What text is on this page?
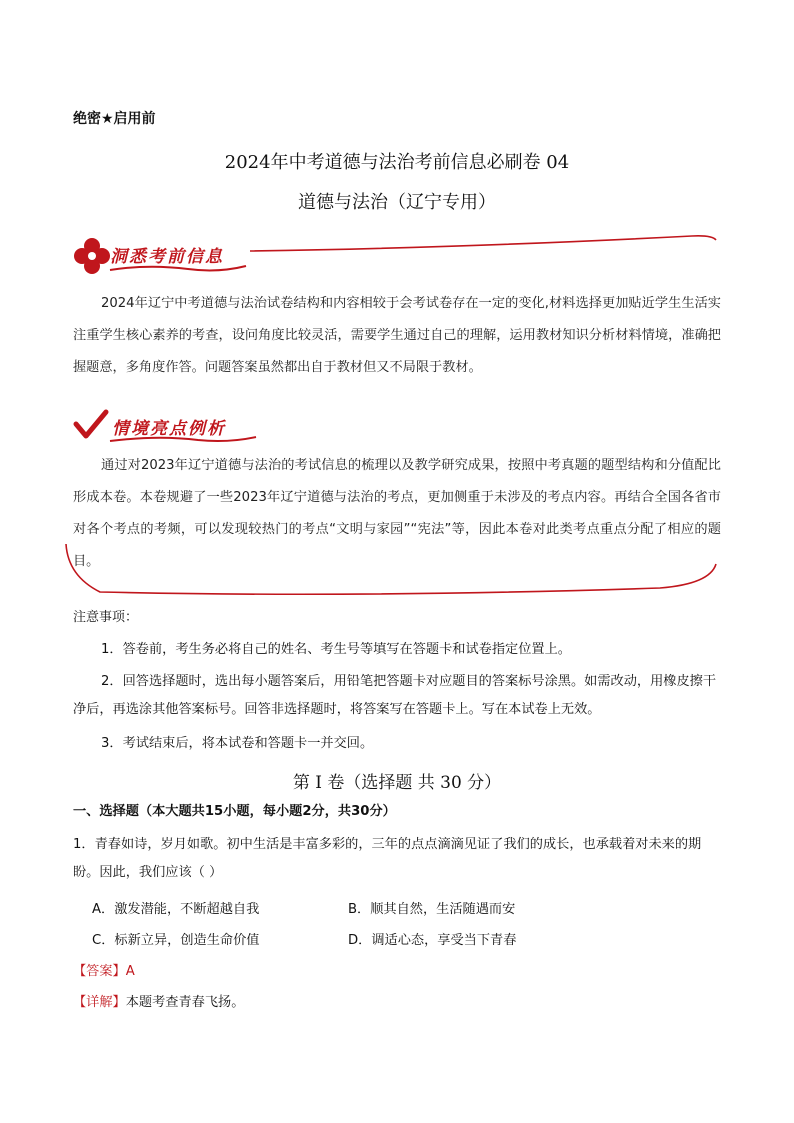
绝密★启用前
2024年中考道德与法治考前信息必刷卷 04
道德与法治（辽宁专用）
洞悉考前信息
2024年辽宁中考道德与法治试卷结构和内容相较于会考试卷存在一定的变化,材料选择更加贴近学生生活实注重学生核心素养的考查，设问角度比较灵活，需要学生通过自己的理解，运用教材知识分析材料情境，准确把握题意，多角度作答。问题答案虽然都出自于教材但又不局限于教材。
情境亮点例析
通过对2023年辽宁道德与法治的考试信息的梳理以及教学研究成果，按照中考真题的题型结构和分值配比形成本卷。本卷规避了一些2023年辽宁道德与法治的考点，更加侧重于未涉及的考点内容。再结合全国各省市对各个考点的考频，可以发现较热门的考点“文明与家园”“宪法”等，因此本卷对此类考点重点分配了相应的题目。
注意事项：
1．答卷前，考生务必将自己的姓名、考生号等填写在答题卡和试卷指定位置上。
2．回答选择题时，选出每小题答案后，用铅笔把答题卡对应题目的答案标号涂黑。如需改动，用橡皮擦干净后，再选涂其他答案标号。回答非选择题时，将答案写在答题卡上。写在本试卷上无效。
3．考试结束后，将本试卷和答题卡一并交回。
第 I 卷（选择题 共 30 分）
一、选择题（本大题共15小题，每小题2分，共30分）
1．青春如诗，岁月如歌。初中生活是丰富多彩的，三年的点点滴滴见证了我们的成长，也承载着对未来的期盼。因此，我们应该（ ）
A．激发潜能，不断超越自我	B．顺其自然，生活随遇而安
C．标新立异，创造生命价值	D．调适心态，享受当下青春
【答案】A
【详解】本题考查青春飞扬。
